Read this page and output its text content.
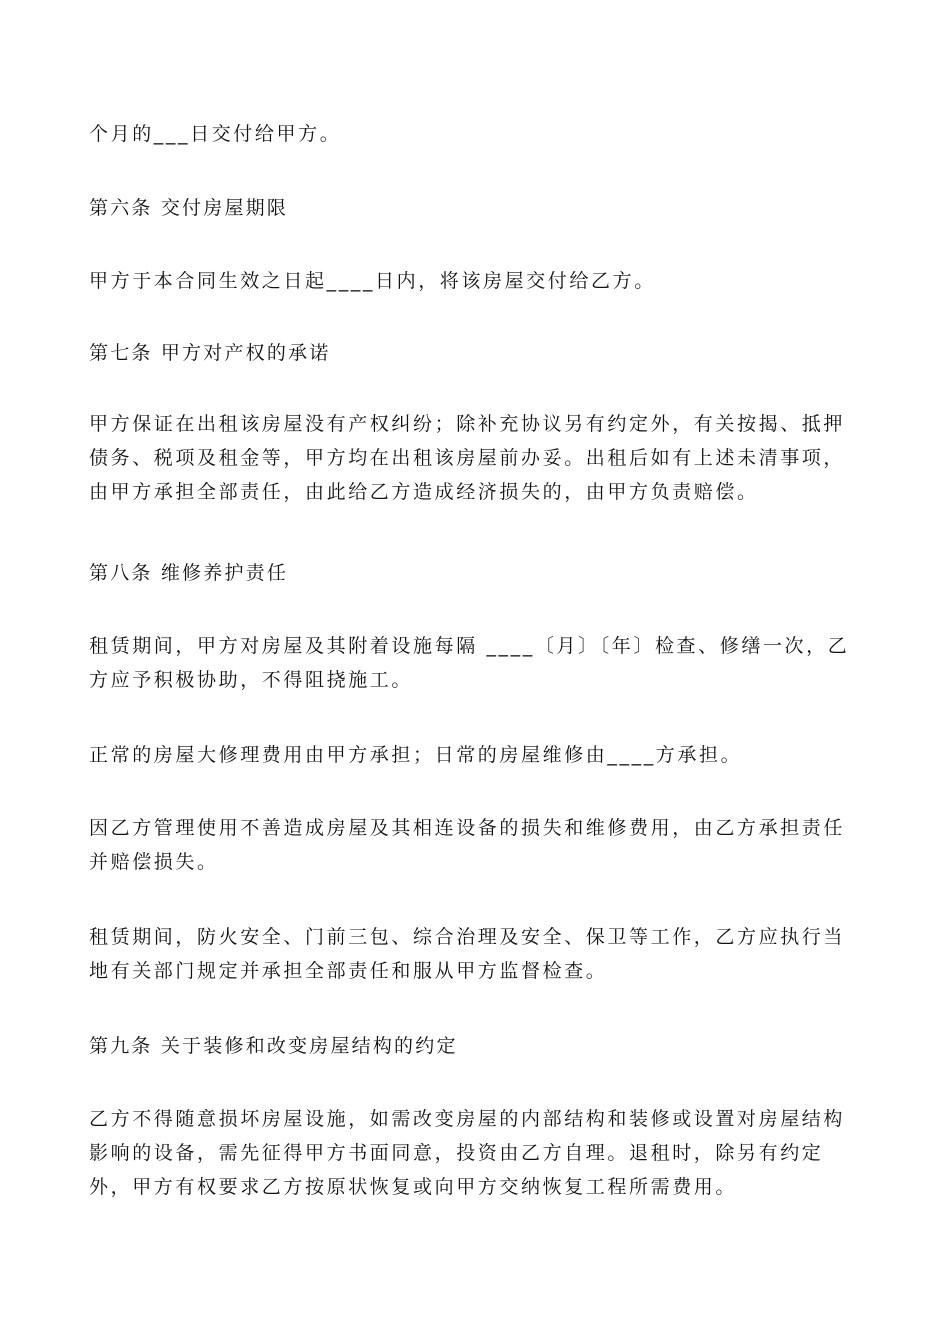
个月的___日交付给甲方。

第六条 交付房屋期限

甲方于本合同生效之日起____日内，将该房屋交付给乙方。

第七条 甲方对产权的承诺

甲方保证在出租该房屋没有产权纠纷；除补充协议另有约定外，有关按揭、抵押债务、税项及租金等，甲方均在出租该房屋前办妥。出租后如有上述未清事项，由甲方承担全部责任，由此给乙方造成经济损失的，由甲方负责赔偿。

第八条 维修养护责任

租赁期间，甲方对房屋及其附着设施每隔 ____〔月〕〔年〕检查、修缮一次，乙方应予积极协助，不得阻挠施工。

正常的房屋大修理费用由甲方承担；日常的房屋维修由____方承担。

因乙方管理使用不善造成房屋及其相连设备的损失和维修费用，由乙方承担责任并赔偿损失。

租赁期间，防火安全、门前三包、综合治理及安全、保卫等工作，乙方应执行当地有关部门规定并承担全部责任和服从甲方监督检查。

第九条 关于装修和改变房屋结构的约定

乙方不得随意损坏房屋设施，如需改变房屋的内部结构和装修或设置对房屋结构影响的设备，需先征得甲方书面同意，投资由乙方自理。退租时，除另有约定外，甲方有权要求乙方按原状恢复或向甲方交纳恢复工程所需费用。
